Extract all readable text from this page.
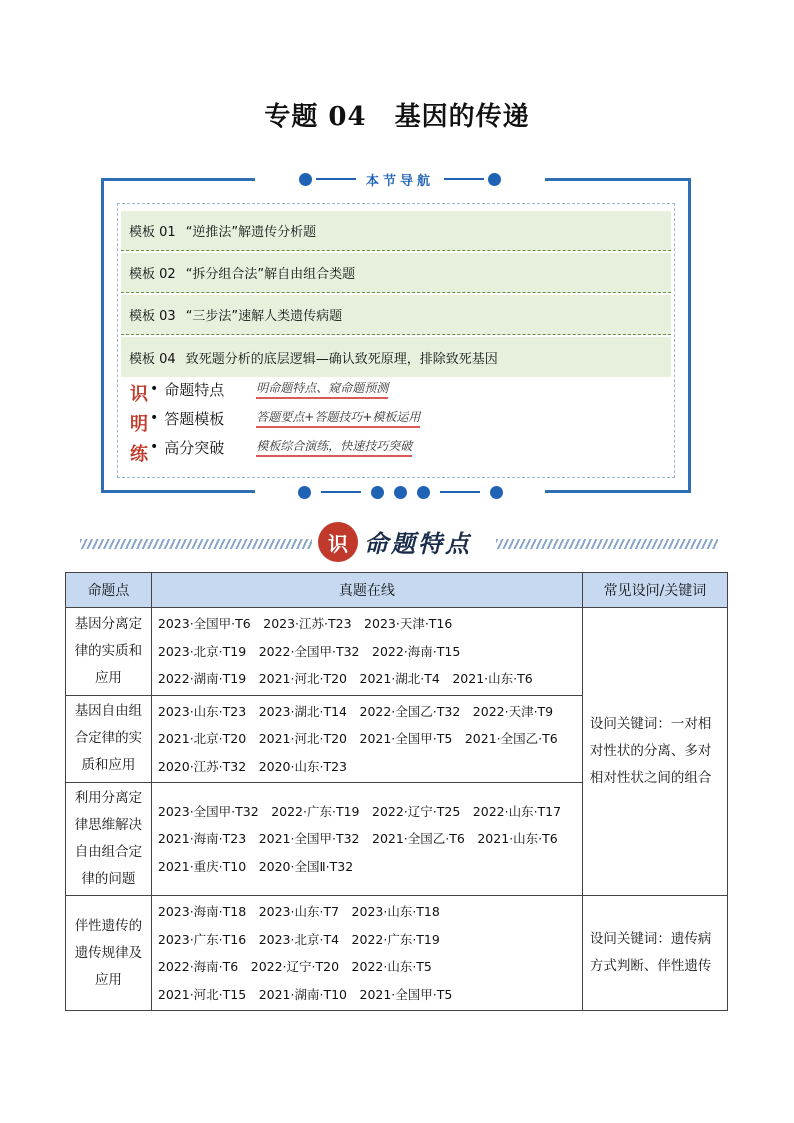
专题 04 基因的传递
本节导航
模板 01 “逆推法”解遗传分析题
模板 02 “拆分组合法”解自由组合类题
模板 03 “三步法”速解人类遗传病题
模板 04 致死题分析的底层逻辑—确认致死原理，排除致死基因
识
明
练
• 命题特点	明命题特点、窥命题预测
• 答题模板	答题要点+答题技巧+模板运用
• 高分突破	模板综合演练，快速技巧突破
识 命题特点
命题点	真题在线	常见设问/关键词
基因分离定律的实质和应用	2023·全国甲·T6　2023·江苏·T23　2023·天津·T16
2023·北京·T19　2022·全国甲·T32　2022·海南·T15
2022·湖南·T19　2021·河北·T20　2021·湖北·T4　2021·山东·T6	设问关键词：一对相对性状的分离、多对相对性状之间的组合
基因自由组合定律的实质和应用	2023·山东·T23　2023·湖北·T14　2022·全国乙·T32　2022·天津·T9
2021·北京·T20　2021·河北·T20　2021·全国甲·T5　2021·全国乙·T6
2020·江苏·T32　2020·山东·T23	

利用分离定律思维解决自由组合定律的问题	2023·全国甲·T32　2022·广东·T19　2022·辽宁·T25　2022·山东·T17
2021·海南·T23　2021·全国甲·T32　2021·全国乙·T6　2021·山东·T6
2021·重庆·T10　2020·全国Ⅱ·T32	

伴性遗传的遗传规律及应用	2023·海南·T18　2023·山东·T7　2023·山东·T18
2023·广东·T16　2023·北京·T4　2022·广东·T19
2022·海南·T6　2022·辽宁·T20　2022·山东·T5
2021·河北·T15　2021·湖南·T10　2021·全国甲·T5	设问关键词：遗传病方式判断、伴性遗传
